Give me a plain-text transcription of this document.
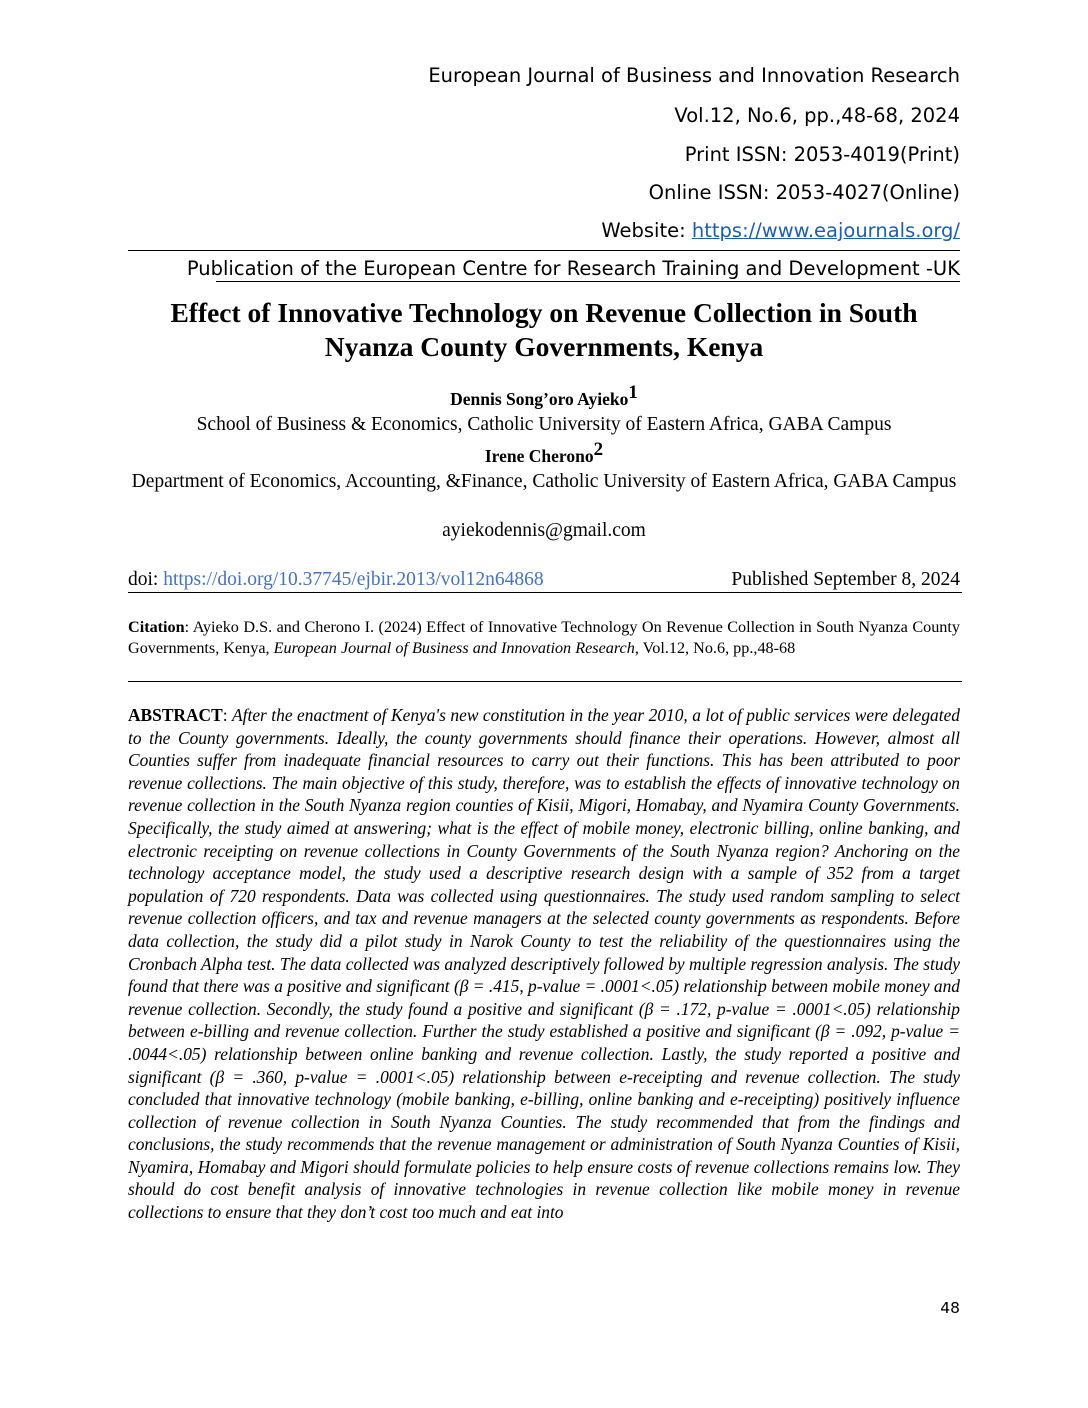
European Journal of Business and Innovation Research
Vol.12, No.6, pp.,48-68, 2024
Print ISSN: 2053-4019(Print)
Online ISSN: 2053-4027(Online)
Website: https://www.eajournals.org/
Publication of the European Centre for Research Training and Development -UK
Effect of Innovative Technology on Revenue Collection in South
Nyanza County Governments, Kenya
Dennis Song’oro Ayieko$^1$
School of Business & Economics, Catholic University of Eastern Africa, GABA Campus
Irene Cherono$^2$
Department of Economics, Accounting, &Finance, Catholic University of Eastern Africa, GABA Campus
ayiekodennis@gmail.com
doi: https://doi.org/10.37745/ejbir.2013/vol12n64868	Published September 8, 2024
Citation: Ayieko D.S. and Cherono I. (2024) Effect of Innovative Technology On Revenue Collection in South Nyanza County Governments, Kenya, European Journal of Business and Innovation Research, Vol.12, No.6, pp.,48-68
ABSTRACT: After the enactment of Kenya's new constitution in the year 2010, a lot of public services were delegated to the County governments. Ideally, the county governments should finance their operations. However, almost all Counties suffer from inadequate financial resources to carry out their functions. This has been attributed to poor revenue collections. The main objective of this study, therefore, was to establish the effects of innovative technology on revenue collection in the South Nyanza region counties of Kisii, Migori, Homabay, and Nyamira County Governments. Specifically, the study aimed at answering; what is the effect of mobile money, electronic billing, online banking, and electronic receipting on revenue collections in County Governments of the South Nyanza region? Anchoring on the technology acceptance model, the study used a descriptive research design with a sample of 352 from a target population of 720 respondents. Data was collected using questionnaires. The study used random sampling to select revenue collection officers, and tax and revenue managers at the selected county governments as respondents. Before data collection, the study did a pilot study in Narok County to test the reliability of the questionnaires using the Cronbach Alpha test. The data collected was analyzed descriptively followed by multiple regression analysis. The study found that there was a positive and significant (β = .415, p-value = .0001<.05) relationship between mobile money and revenue collection. Secondly, the study found a positive and significant (β = .172, p-value = .0001<.05) relationship between e-billing and revenue collection. Further the study established a positive and significant (β = .092, p-value = .0044<.05) relationship between online banking and revenue collection. Lastly, the study reported a positive and significant (β = .360, p-value = .0001<.05) relationship between e-receipting and revenue collection. The study concluded that innovative technology (mobile banking, e-billing, online banking and e-receipting) positively influence collection of revenue collection in South Nyanza Counties. The study recommended that from the findings and conclusions, the study recommends that the revenue management or administration of South Nyanza Counties of Kisii, Nyamira, Homabay and Migori should formulate policies to help ensure costs of revenue collections remains low. They should do cost benefit analysis of innovative technologies in revenue collection like mobile money in revenue collections to ensure that they don’t cost too much and eat into
48
